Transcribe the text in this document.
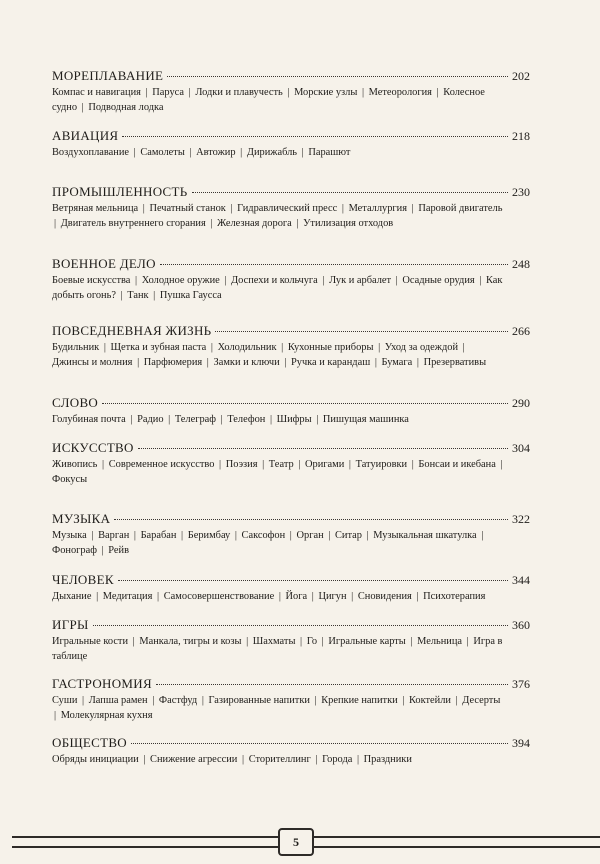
МОРЕПЛАВАНИЕ	202
Компас и навигация | Паруса | Лодки и плавучесть | Морские узлы | Метеорология | Колесное судно | Подводная лодка
АВИАЦИЯ	218
Воздухоплавание | Самолеты | Автожир | Дирижабль | Парашют
ПРОМЫШЛЕННОСТЬ	230
Ветряная мельница | Печатный станок | Гидравлический пресс | Металлургия | Паровой двигатель | Двигатель внутреннего сгорания | Железная дорога | Утилизация отходов
ВОЕННОЕ ДЕЛО	248
Боевые искусства | Холодное оружие | Доспехи и кольчуга | Лук и арбалет | Осадные орудия | Как добыть огонь? | Танк | Пушка Гаусса
ПОВСЕДНЕВНАЯ ЖИЗНЬ	266
Будильник | Щетка и зубная паста | Холодильник | Кухонные приборы | Уход за одеждой | Джинсы и молния | Парфюмерия | Замки и ключи | Ручка и карандаш | Бумага | Презервативы
СЛОВО	290
Голубиная почта | Радио | Телеграф | Телефон | Шифры | Пишущая машинка
ИСКУССТВО	304
Живопись | Современное искусство | Поэзия | Театр | Оригами | Татуировки | Бонсаи и икебана | Фокусы
МУЗЫКА	322
Музыка | Варган | Барабан | Беримбау | Саксофон | Орган | Ситар | Музыкальная шкатулка | Фонограф | Рейв
ЧЕЛОВЕК	344
Дыхание | Медитация | Самосовершенствование | Йога | Цигун | Сновидения | Психотерапия
ИГРЫ	360
Игральные кости | Манкала, тигры и козы | Шахматы | Го | Игральные карты | Мельница | Игра в таблице
ГАСТРОНОМИЯ	376
Суши | Лапша рамен | Фастфуд | Газированные напитки | Крепкие напитки | Коктейли | Десерты | Молекулярная кухня
ОБЩЕСТВО	394
Обряды инициации | Снижение агрессии | Сторителлинг | Города | Праздники
5
